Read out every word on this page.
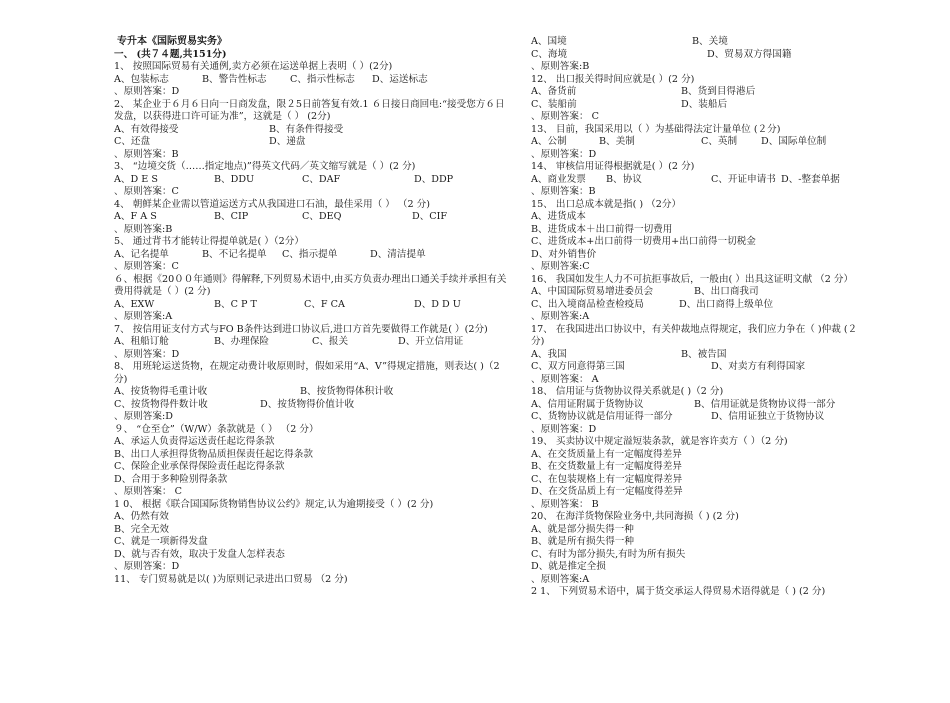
专升本《国际贸易实务》
一、 (共７４题,共151分)
1、 按照国际贸易有关通例,卖方必须在运送单据上表明（ ）(2分)
A、包装标志	B、警告性标志	C、指示性标志	D、运送标志
、原则答案：D
2、 某企业于６月６日向一日商发盘，限２5日前答复有效.1 ６日接日商回电:“接受您方６日发盘，以获得进口许可证为准”，这就是（ ） (2分)
A、有效得接受	B、有条件得接受
C、还盘	D、递盘
、原则答案：B
3、 “边境交货（……指定地点)”得英文代码／英文缩写就是（ ）(2 分)
A、D E S	B、DDU	C、DAF	D、DDP
、原则答案：C
4、 朝鲜某企业需以管道运送方式从我国进口石油，最佳采用（ ） （2 分)
A、F A S	B、CIP	C、DEQ	D、CIF
、原则答案:B
5、 通过背书才能转让得提单就是( ）（2分）
A、记名提单	B、不记名提单	C、指示提单	D、清洁提单
、原则答案：C
６、根据《20００年通则》得解释,下列贸易术语中,由买方负责办理出口通关手续并承担有关费用得就是（ ）(2 分)
A、EXW	B、C P T	C、F CA	D、D D U
、原则答案:A
7、 按信用证支付方式与FO B条件达到进口协议后,进口方首先要做得工作就是( ）(2分)
A、租船订舱	B、办理保险	C、报关	D、开立信用证
、原则答案：D
8、 用班轮运送货物，在规定动费计收原则时，假如采用“A、V”得规定措施，则表达( )（2 分)
A、按货物得毛重计收	B、按货物得体积计收
C、按货物得件数计收	D、按货物得价值计收
、原则答案:D
９、 “仓至仓”（W/W）条款就是（ ） （2 分）
A、承运人负责得运送责任起讫得条款
B、出口人承担得货物品质担保责任起讫得条款
C、保险企业承保得保险责任起讫得条款
D、合用于多种险别得条款
、原则答案： C
1 0、 根据《联合国国际货物销售协议公约》规定,认为逾期接受（ ）(2 分)
A、仍然有效
B、完全无效
C、就是一项新得发盘
D、就与否有效，取决于发盘人怎样表态
、原则答案：D
11、 专门贸易就是以( )为原则记录进出口贸易 （2 分)
A、国境	B、关境
C、海境	D、贸易双方得国籍
、原则答案:B
12、 出口报关得时间应就是( ）(2 分)
A、备货前	B、货到目得港后
C、装船前	D、装船后
、原则答案： C
13、 目前，我国采用以（ ）为基础得法定计量单位 (２分)
A、公制	B、美制	C、英制	D、国际单位制
、原则答案：D
14、 审核信用证得根据就是( ）(2 分)
A、商业发票	B、协议	C、开证申请书 D、-整套单据
、原则答案：B
15、 出口总成本就是指( ) （2分）
A、进货成本
B、进货成本＋出口前得一切费用
C、进货成本+出口前得一切费用+出口前得一切税金
D、对外销售价
、原则答案:C
16、 我国如发生人力不可抗拒事故后，一般由( ）出具这证明文献 （2 分）
A、中国国际贸易增进委员会	B、出口商我司
C、出入境商品检查检疫局	D、出口商得上级单位
、原则答案:A
17、 在我国进出口协议中，有关仲裁地点得规定，我们应力争在（ )仲裁 (２分)
A、我国	B、被告国
C、双方同意得第三国	D、对卖方有利得国家
、原则答案： A
18、 信用证与货物协议得关系就是( )（2 分)
A、信用证附属于货物协议	B、信用证就是货物协议得一部分
C、货物协议就是信用证得一部分	D、信用证独立于货物协议
、原则答案：D
19、 买卖协议中规定溢短装条款，就是容许卖方（ ）（2 分)
A、在交货质量上有一定幅度得差异
B、在交货数量上有一定幅度得差异
C、在包装规格上有一定幅度得差异
D、在交货品质上有一定幅度得差异
、原则答案： B
20、 在海洋货物保险业务中,共同海损（ ) (2 分)
A、就是部分损失得一种
B、就是所有损失得一种
C、有时为部分损失,有时为所有损失
D、就是推定全损
、原则答案:A
2 1、 下列贸易术语中，属于货交承运人得贸易术语得就是（ ) (2 分)
